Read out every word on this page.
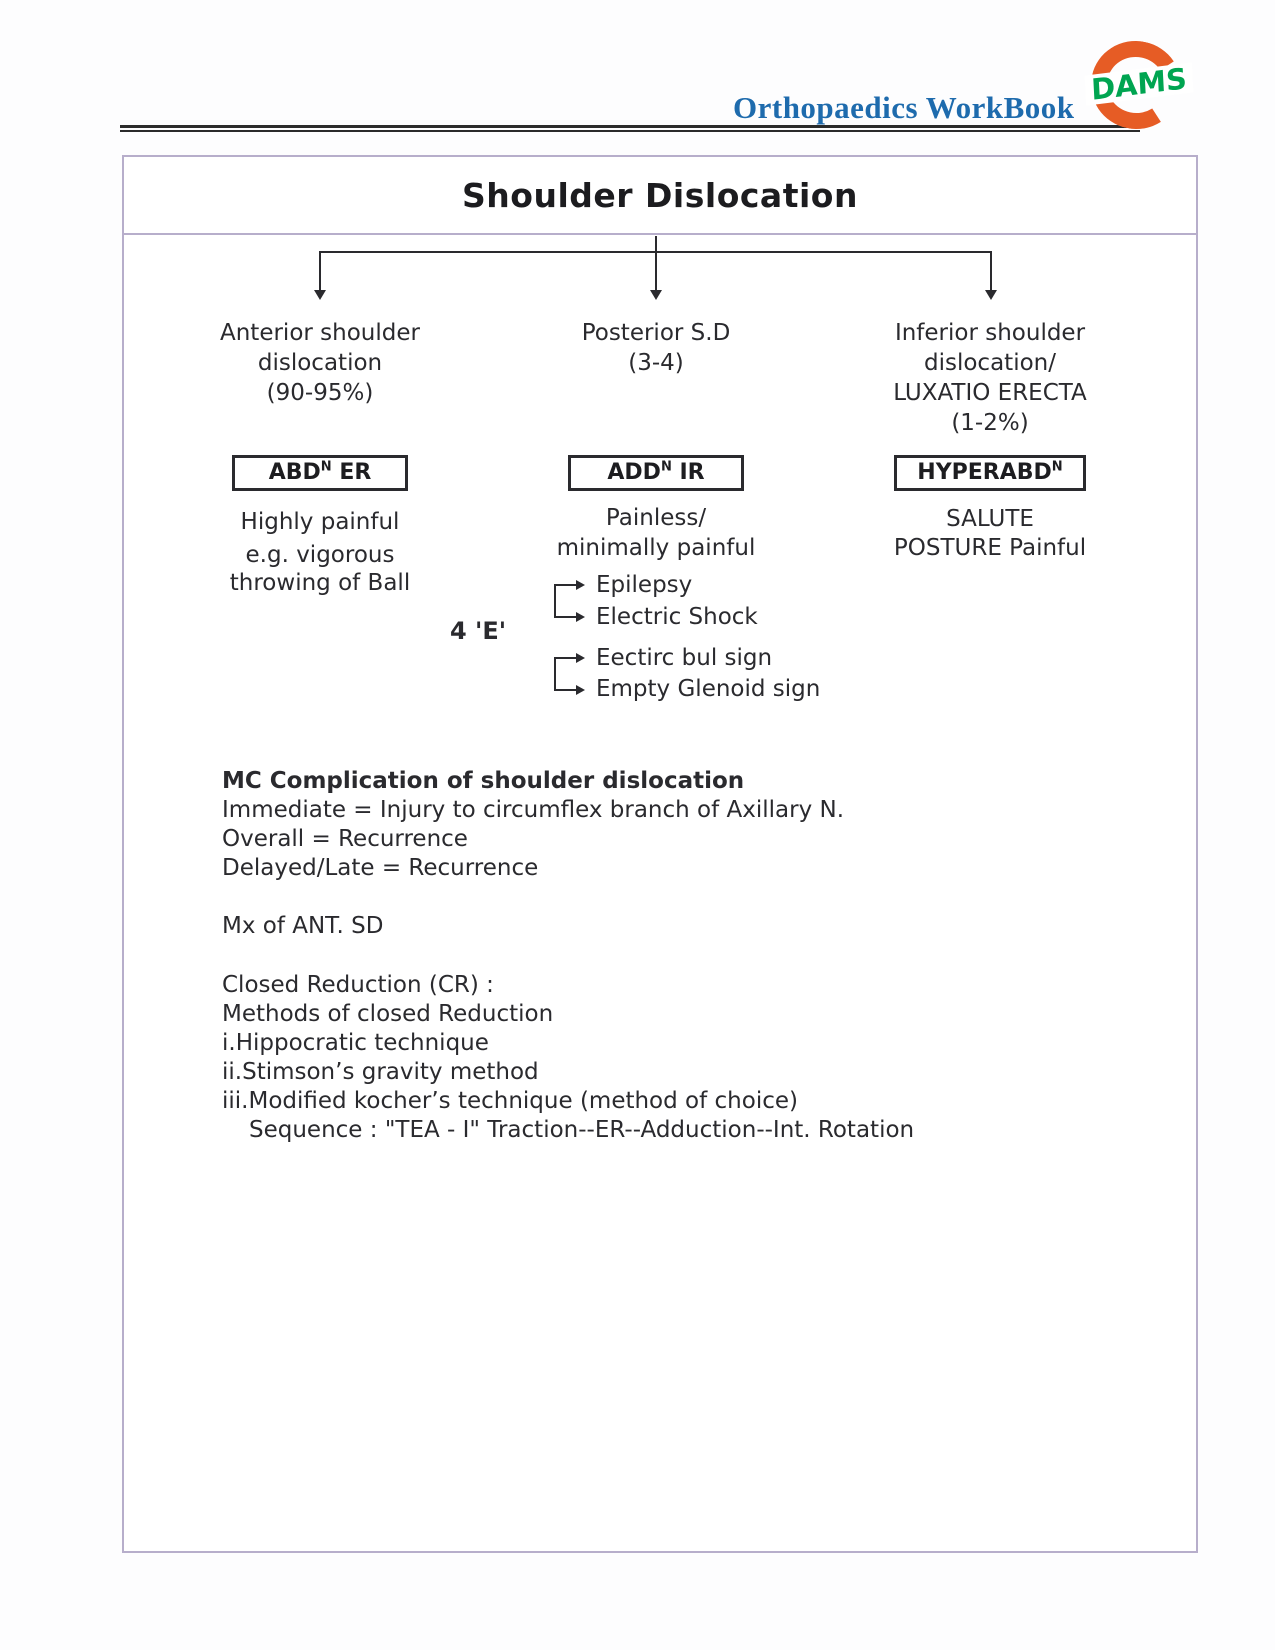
Orthopaedics WorkBook
DAMS
Shoulder Dislocation
Anterior shoulder
dislocation
(90-95%)
Posterior S.D
(3-4)
Inferior shoulder
dislocation/
LUXATIO ERECTA
(1-2%)
$ABD^N$ ER	$ADD^N$ IR	$HYPERABD^N$
Highly painful
e.g. vigorous
throwing of Ball
Painless/
minimally painful
SALUTE
POSTURE Painful
4 'E'
Epilepsy
Electric Shock
Eectirc bul sign
Empty Glenoid sign
MC Complication of shoulder dislocation
Immediate = Injury to circumflex branch of Axillary N.
Overall = Recurrence
Delayed/Late = Recurrence
Mx of ANT. SD
Closed Reduction (CR) :
Methods of closed Reduction
i.Hippocratic technique
ii.Stimson’s gravity method
iii.Modified kocher’s technique (method of choice)
Sequence : "TEA - I" Traction--ER--Adduction--Int. Rotation
